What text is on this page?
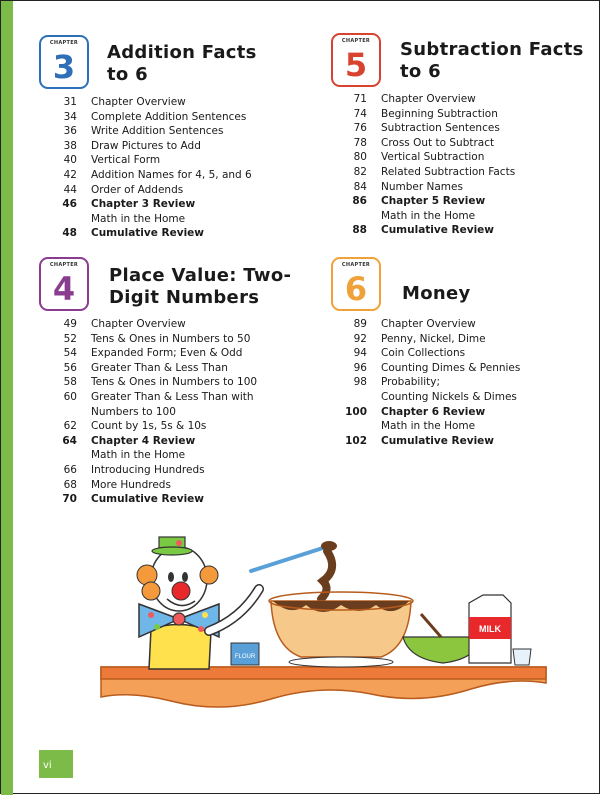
CHAPTER
3	Addition Facts
to 6
31 Chapter Overview
34 Complete Addition Sentences
36 Write Addition Sentences
38 Draw Pictures to Add
40 Vertical Form
42 Addition Names for 4, 5, and 6
44 Order of Addends
46 Chapter 3 Review
Math in the Home
48 Cumulative Review
CHAPTER
5	Subtraction Facts
to 6
71 Chapter Overview
74 Beginning Subtraction
76 Subtraction Sentences
78 Cross Out to Subtract
80 Vertical Subtraction
82 Related Subtraction Facts
84 Number Names
86 Chapter 5 Review
Math in the Home
88 Cumulative Review
CHAPTER
4	Place Value: Two-
Digit Numbers
49 Chapter Overview
52 Tens & Ones in Numbers to 50
54 Expanded Form; Even & Odd
56 Greater Than & Less Than
58 Tens & Ones in Numbers to 100
60 Greater Than & Less Than with
Numbers to 100
62 Count by 1s, 5s & 10s
64 Chapter 4 Review
Math in the Home
66 Introducing Hundreds
68 More Hundreds
70 Cumulative Review
CHAPTER
6	Money
89 Chapter Overview
92 Penny, Nickel, Dime
94 Coin Collections
96 Counting Dimes & Pennies
98 Probability;
Counting Nickels & Dimes
100 Chapter 6 Review
Math in the Home
102 Cumulative Review
FLOUR
MILK
vi
